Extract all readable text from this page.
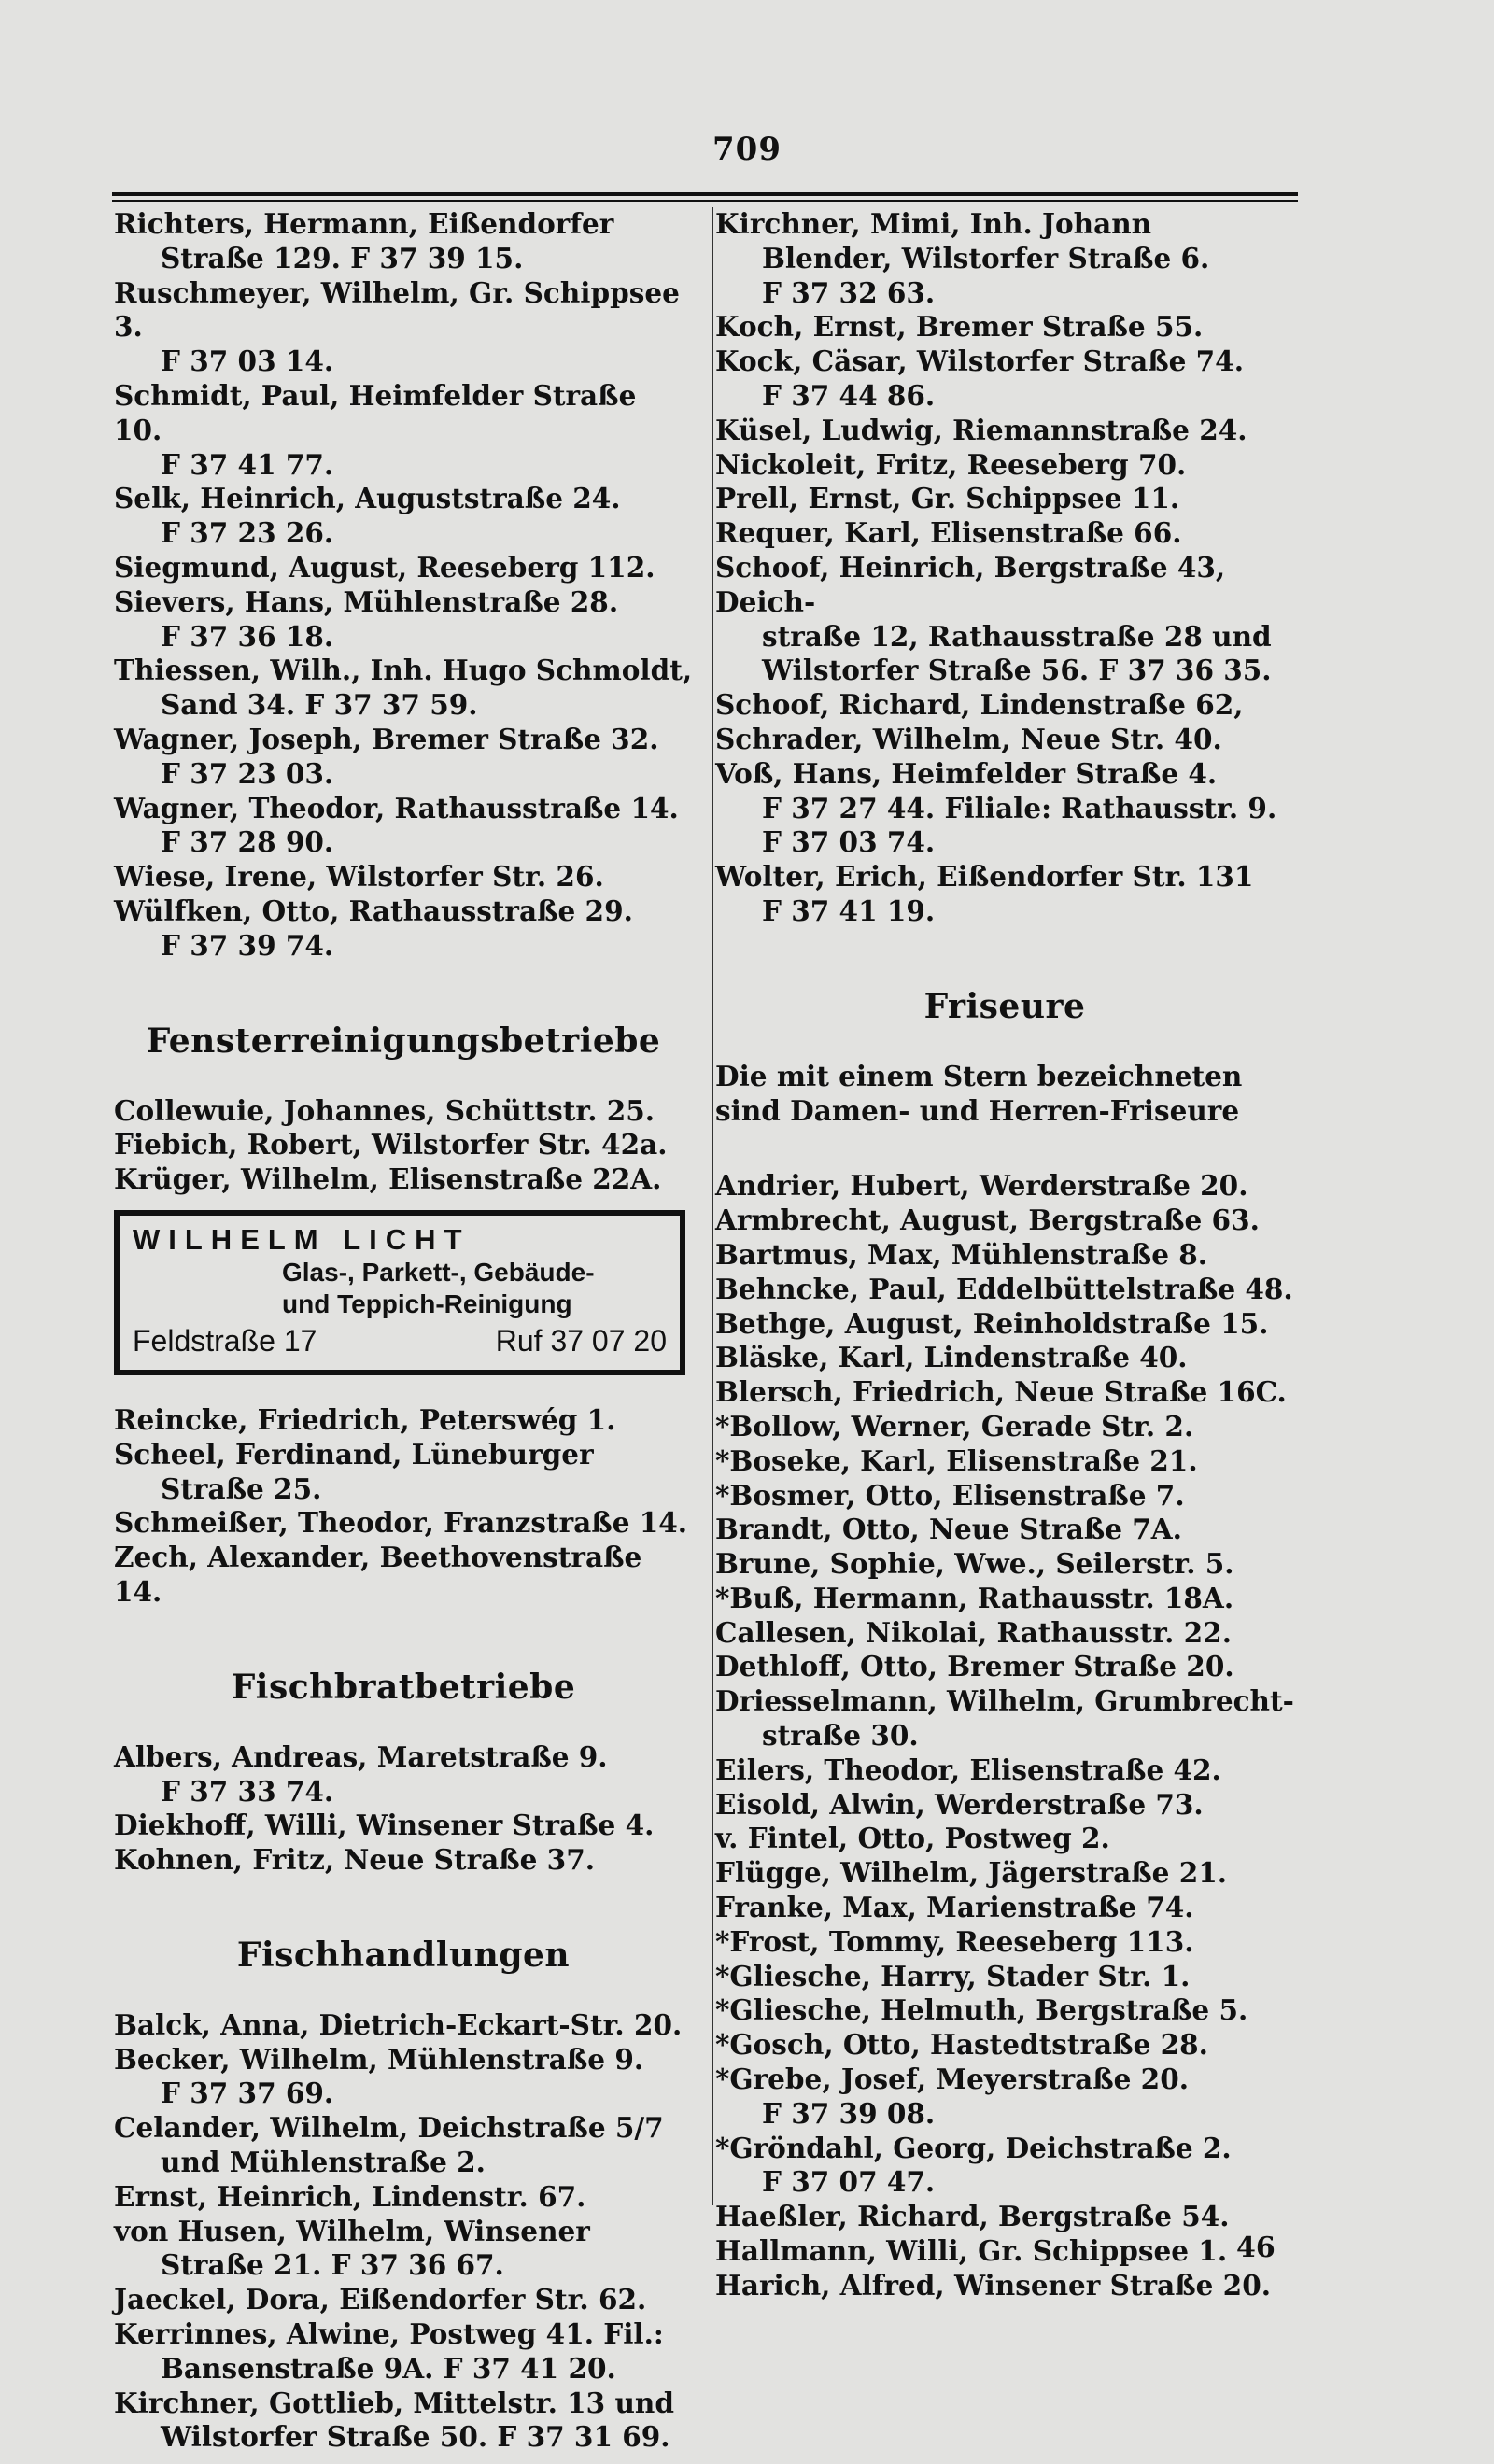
709
Richters, Hermann, Eißendorfer
Straße 129. F 37 39 15.
Ruschmeyer, Wilhelm, Gr. Schippsee 3.
F 37 03 14.
Schmidt, Paul, Heimfelder Straße 10.
F 37 41 77.
Selk, Heinrich, Auguststraße 24.
F 37 23 26.
Siegmund, August, Reeseberg 112.
Sievers, Hans, Mühlenstraße 28.
F 37 36 18.
Thiessen, Wilh., Inh. Hugo Schmoldt,
Sand 34. F 37 37 59.
Wagner, Joseph, Bremer Straße 32.
F 37 23 03.
Wagner, Theodor, Rathausstraße 14.
F 37 28 90.
Wiese, Irene, Wilstorfer Str. 26.
Wülfken, Otto, Rathausstraße 29.
F 37 39 74.
Fensterreinigungsbetriebe
Collewuie, Johannes, Schüttstr. 25.
Fiebich, Robert, Wilstorfer Str. 42a.
Krüger, Wilhelm, Elisenstraße 22A.
WILHELM LICHT
Glas-, Parkett-, Gebäude-
und Teppich-Reinigung
Feldstraße 17	Ruf 37 07 20
Reincke, Friedrich, Peterswég 1.
Scheel, Ferdinand, Lüneburger
Straße 25.
Schmeißer, Theodor, Franzstraße 14.
Zech, Alexander, Beethovenstraße 14.
Fischbratbetriebe
Albers, Andreas, Maretstraße 9.
F 37 33 74.
Diekhoff, Willi, Winsener Straße 4.
Kohnen, Fritz, Neue Straße 37.
Fischhandlungen
Balck, Anna, Dietrich-Eckart-Str. 20.
Becker, Wilhelm, Mühlenstraße 9.
F 37 37 69.
Celander, Wilhelm, Deichstraße 5/7
und Mühlenstraße 2.
Ernst, Heinrich, Lindenstr. 67.
von Husen, Wilhelm, Winsener
Straße 21. F 37 36 67.
Jaeckel, Dora, Eißendorfer Str. 62.
Kerrinnes, Alwine, Postweg 41. Fil.:
Bansenstraße 9A. F 37 41 20.
Kirchner, Gottlieb, Mittelstr. 13 und
Wilstorfer Straße 50. F 37 31 69.
Kirchner, Mimi, Inh. Johann
Blender, Wilstorfer Straße 6.
F 37 32 63.
Koch, Ernst, Bremer Straße 55.
Kock, Cäsar, Wilstorfer Straße 74.
F 37 44 86.
Küsel, Ludwig, Riemannstraße 24.
Nickoleit, Fritz, Reeseberg 70.
Prell, Ernst, Gr. Schippsee 11.
Requer, Karl, Elisenstraße 66.
Schoof, Heinrich, Bergstraße 43, Deich-
straße 12, Rathausstraße 28 und
Wilstorfer Straße 56. F 37 36 35.
Schoof, Richard, Lindenstraße 62,
Schrader, Wilhelm, Neue Str. 40.
Voß, Hans, Heimfelder Straße 4.
F 37 27 44. Filiale: Rathausstr. 9.
F 37 03 74.
Wolter, Erich, Eißendorfer Str. 131
F 37 41 19.
Friseure
Die mit einem Stern bezeichneten sind Damen- und Herren-Friseure
Andrier, Hubert, Werderstraße 20.
Armbrecht, August, Bergstraße 63.
Bartmus, Max, Mühlenstraße 8.
Behncke, Paul, Eddelbüttelstraße 48.
Bethge, August, Reinholdstraße 15.
Bläske, Karl, Lindenstraße 40.
Blersch, Friedrich, Neue Straße 16C.
*Bollow, Werner, Gerade Str. 2.
*Boseke, Karl, Elisenstraße 21.
*Bosmer, Otto, Elisenstraße 7.
Brandt, Otto, Neue Straße 7A.
Brune, Sophie, Wwe., Seilerstr. 5.
*Buß, Hermann, Rathausstr. 18A.
Callesen, Nikolai, Rathausstr. 22.
Dethloff, Otto, Bremer Straße 20.
Driesselmann, Wilhelm, Grumbrecht-
straße 30.
Eilers, Theodor, Elisenstraße 42.
Eisold, Alwin, Werderstraße 73.
v. Fintel, Otto, Postweg 2.
Flügge, Wilhelm, Jägerstraße 21.
Franke, Max, Marienstraße 74.
*Frost, Tommy, Reeseberg 113.
*Gliesche, Harry, Stader Str. 1.
*Gliesche, Helmuth, Bergstraße 5.
*Gosch, Otto, Hastedtstraße 28.
*Grebe, Josef, Meyerstraße 20.
F 37 39 08.
*Gröndahl, Georg, Deichstraße 2.
F 37 07 47.
Haeßler, Richard, Bergstraße 54.
Hallmann, Willi, Gr. Schippsee 1.
Harich, Alfred, Winsener Straße 20.
46
